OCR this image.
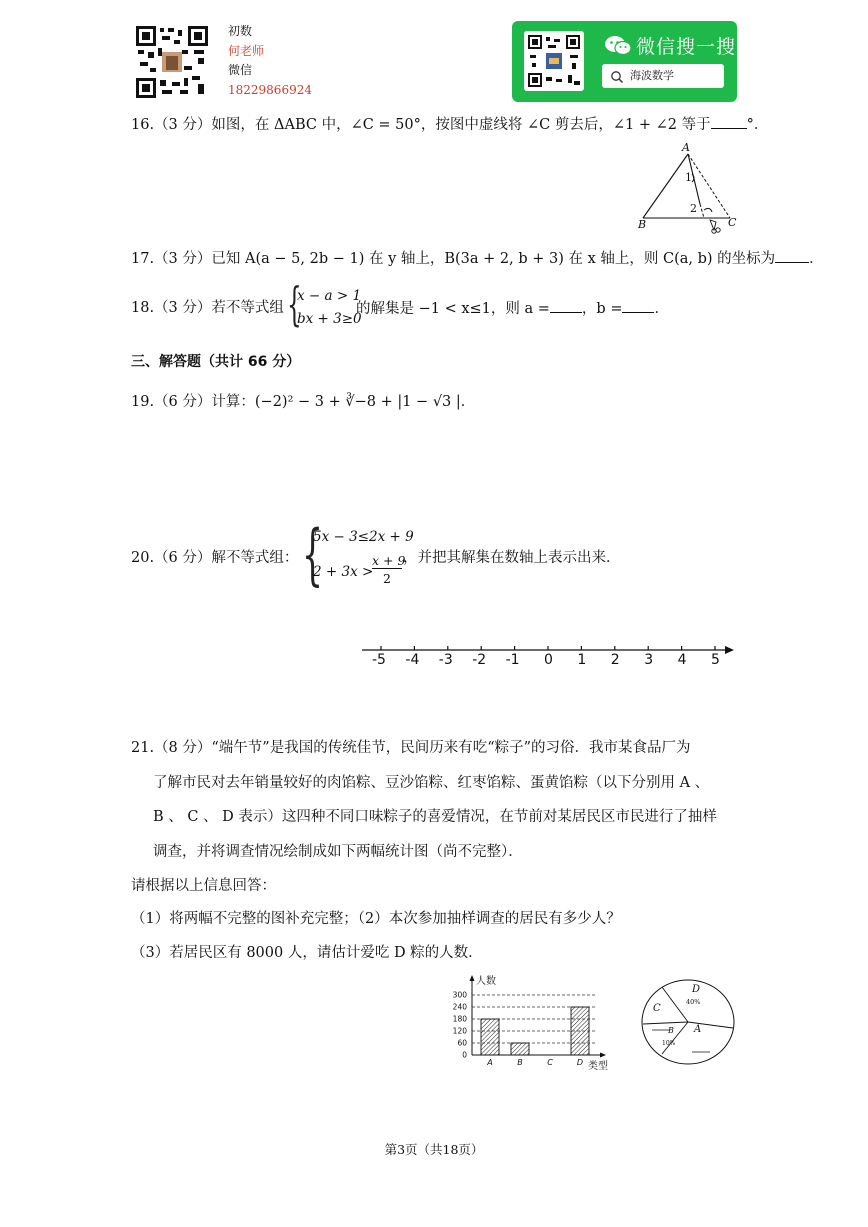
初数
何老师
微信
18229866924
微信搜一搜
海波数学
16.（3 分）如图，在 ΔABC 中，∠C = 50°，按图中虚线将 ∠C 剪去后，∠1 + ∠2 等于 °．
A
1
2
B	C
17.（3 分）已知 A(a − 5, 2b − 1) 在 y 轴上，B(3a + 2, b + 3) 在 x 轴上，则 C(a, b) 的坐标为 ．
18.（3 分）若不等式组 {
x − a > 1
bx + 3≥0
的解集是 −1 < x≤1，则 a = ，b = ．
三、解答题（共计 66 分）
19.（6 分）计算：(−2)² − 3 + ∛−8 + |1 − √3 |．
20.（6 分）解不等式组： {
5x − 3≤2x + 9
2 + 3x >
x + 9
2
，并把其解集在数轴上表示出来．
-5 -4 -3 -2 -1 0 1 2 3 4 5
21.（8 分）“端午节”是我国的传统佳节，民间历来有吃“粽子”的习俗．我市某食品厂为
了解市民对去年销量较好的肉馅粽、豆沙馅粽、红枣馅粽、蛋黄馅粽（以下分别用 A 、
B 、 C 、 D 表示）这四种不同口味粽子的喜爱情况，在节前对某居民区市民进行了抽样
调查，并将调查情况绘制成如下两幅统计图（尚不完整）．
请根据以上信息回答：
（1）将两幅不完整的图补充完整；（2）本次参加抽样调查的居民有多少人？
（3）若居民区有 8000 人，请估计爱吃 D 粽的人数．
0
60
120
180
240
300
A	B	C	D
人数
类型
D
40%
C
B
10%
A
第3页（共18页）
